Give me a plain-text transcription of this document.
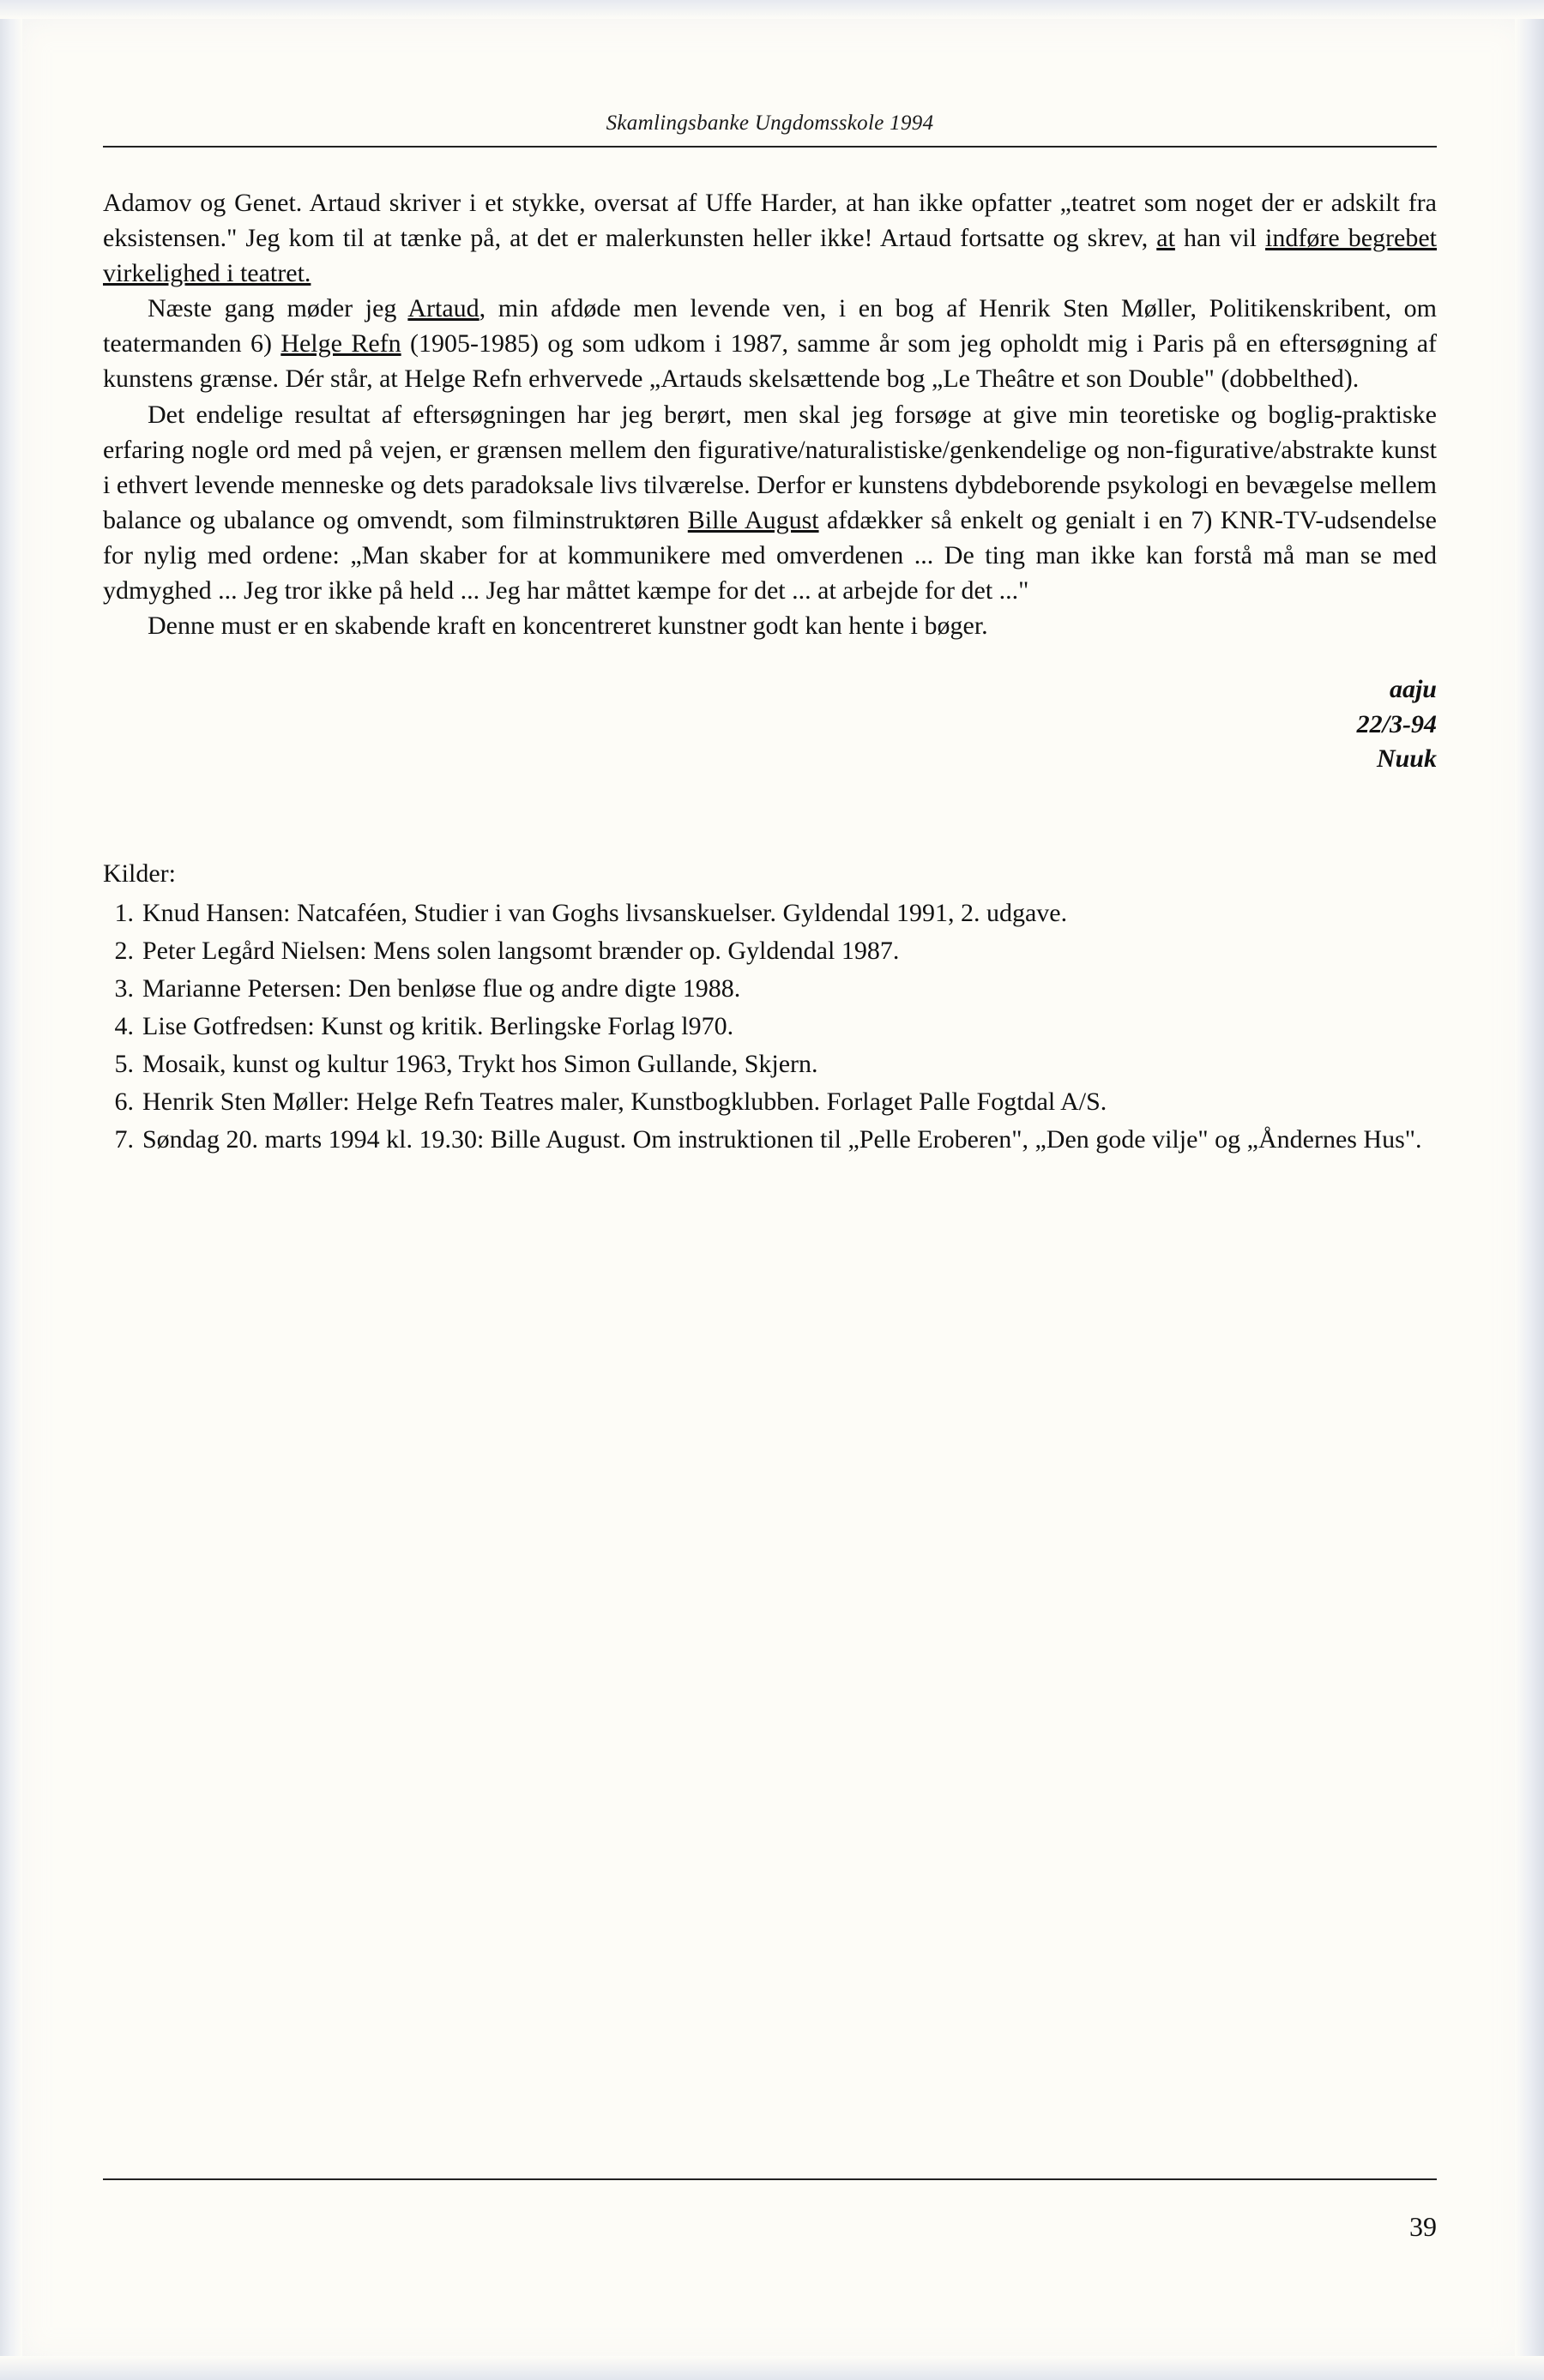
Skamlingsbanke Ungdomsskole 1994

Adamov og Genet. Artaud skriver i et stykke, oversat af Uffe Harder, at han ikke opfatter „teatret som noget der er adskilt fra eksistensen." Jeg kom til at tænke på, at det er malerkunsten heller ikke! Artaud fortsatte og skrev, at han vil indføre begrebet virkelighed i teatret.

Næste gang møder jeg Artaud, min afdøde men levende ven, i en bog af Henrik Sten Møller, Politikenskribent, om teatermanden 6) Helge Refn (1905-1985) og som udkom i 1987, samme år som jeg opholdt mig i Paris på en eftersøgning af kunstens grænse. Dér står, at Helge Refn erhvervede „Artauds skelsættende bog „Le Theâtre et son Double" (dobbelthed).

Det endelige resultat af eftersøgningen har jeg berørt, men skal jeg forsøge at give min teoretiske og boglig-praktiske erfaring nogle ord med på vejen, er grænsen mellem den figurative/naturalistiske/genkendelige og non-figurative/abstrakte kunst i ethvert levende menneske og dets paradoksale livs tilværelse. Derfor er kunstens dybdeborende psykologi en bevægelse mellem balance og ubalance og omvendt, som filminstruktøren Bille August afdækker så enkelt og genialt i en 7) KNR-TV-udsendelse for nylig med ordene: „Man skaber for at kommunikere med omverdenen ... De ting man ikke kan forstå må man se med ydmyghed ... Jeg tror ikke på held ... Jeg har måttet kæmpe for det ... at arbejde for det ..."

Denne must er en skabende kraft en koncentreret kunstner godt kan hente i bøger.

aaju
22/3-94
Nuuk
Kilder:
1. Knud Hansen: Natcaféen, Studier i van Goghs livsanskuelser. Gyldendal 1991, 2. udgave.
2. Peter Legård Nielsen: Mens solen langsomt brænder op. Gyldendal 1987.
3. Marianne Petersen: Den benløse flue og andre digte 1988.
4. Lise Gotfredsen: Kunst og kritik. Berlingske Forlag l970.
5. Mosaik, kunst og kultur 1963, Trykt hos Simon Gullande, Skjern.
6. Henrik Sten Møller: Helge Refn Teatres maler, Kunstbogklubben. Forlaget Palle Fogtdal A/S.
7. Søndag 20. marts 1994 kl. 19.30: Bille August. Om instruktionen til „Pelle Eroberen", „Den gode vilje" og „Åndernes Hus".
39
